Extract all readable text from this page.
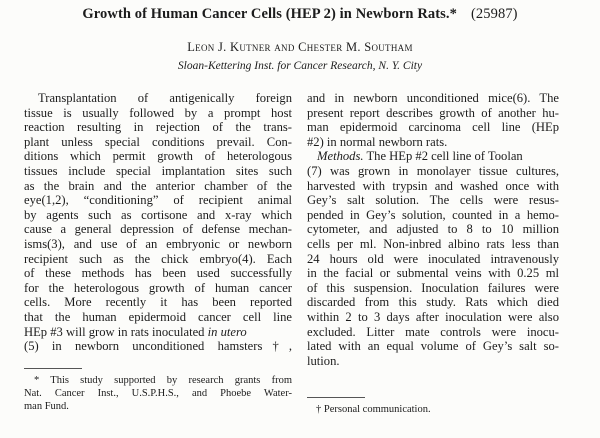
Growth of Human Cancer Cells (HEP 2) in Newborn Rats.* (25987)
Leon J. Kutner and Chester M. Southam
Sloan-Kettering Inst. for Cancer Research, N. Y. City
Transplantation of antigenically foreign
tissue is usually followed by a prompt host
reaction resulting in rejection of the trans-
plant unless special conditions prevail. Con-
ditions which permit growth of heterologous
tissues include special implantation sites such
as the brain and the anterior chamber of the
eye(1,2), “conditioning” of recipient animal
by agents such as cortisone and x-ray which
cause a general depression of defense mechan-
isms(3), and use of an embryonic or newborn
recipient such as the chick embryo(4). Each
of these methods has been used successfully
for the heterologous growth of human cancer
cells. More recently it has been reported
that the human epidermoid cancer cell line
HEp #3 will grow in rats inoculated in utero
(5) in newborn unconditioned hamsters†,
* This study supported by research grants from
Nat. Cancer Inst., U.S.P.H.S., and Phoebe Water-
man Fund.
and in newborn unconditioned mice(6). The
present report describes growth of another hu-
man epidermoid carcinoma cell line (HEp
#2) in normal newborn rats.
Methods. The HEp #2 cell line of Toolan
(7) was grown in monolayer tissue cultures,
harvested with trypsin and washed once with
Gey’s salt solution. The cells were resus-
pended in Gey’s solution, counted in a hemo-
cytometer, and adjusted to 8 to 10 million
cells per ml. Non-inbred albino rats less than
24 hours old were inoculated intravenously
in the facial or submental veins with 0.25 ml
of this suspension. Inoculation failures were
discarded from this study. Rats which died
within 2 to 3 days after inoculation were also
excluded. Litter mate controls were inocu-
lated with an equal volume of Gey’s salt so-
lution.
† Personal communication.
